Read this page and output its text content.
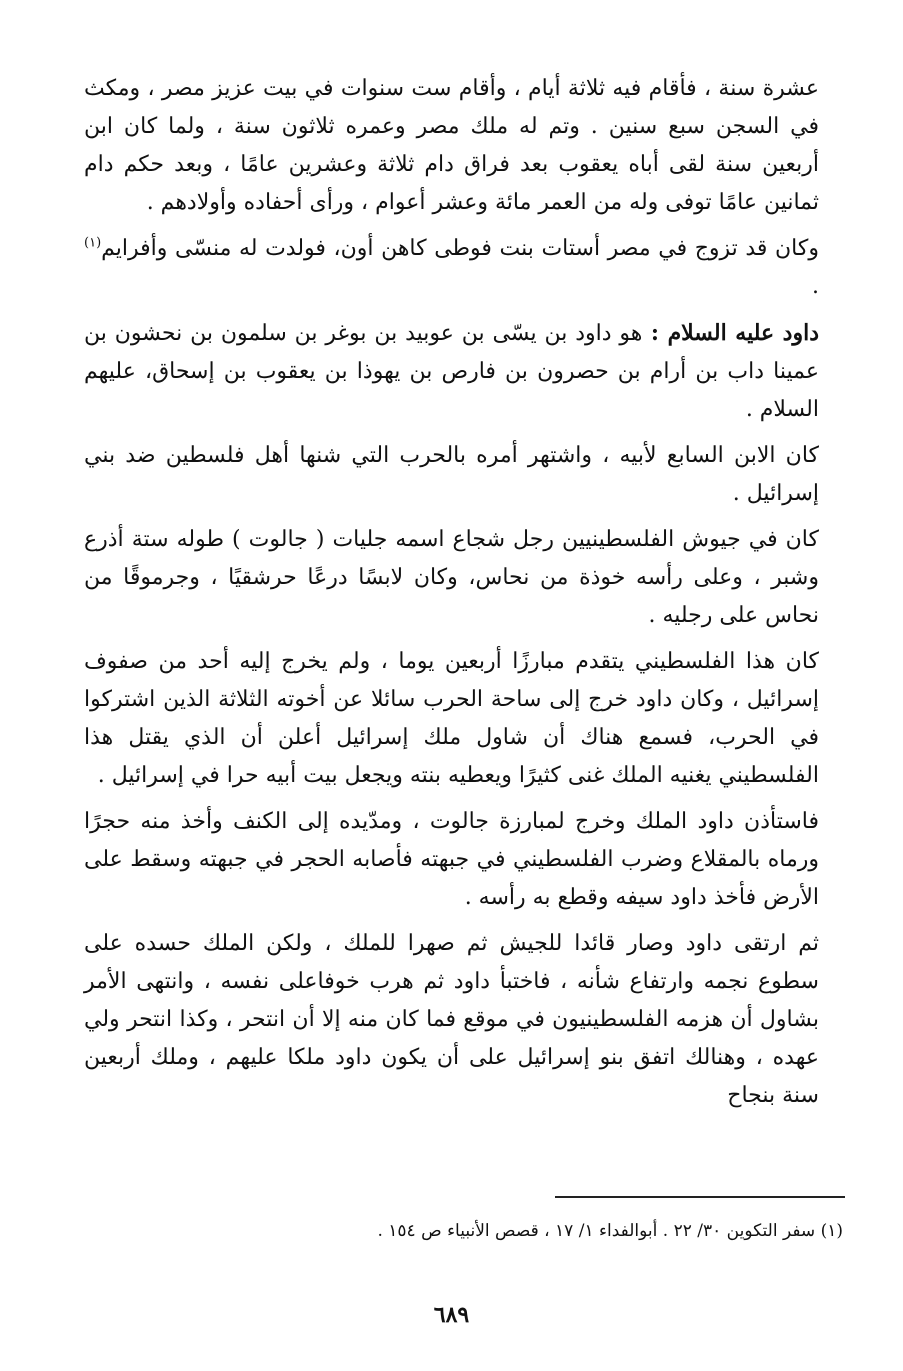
عشرة سنة ، فأقام فيه ثلاثة أيام ، وأقام ست سنوات في بيت عزيز مصر ، ومكث في السجن سبع سنين . وتم له ملك مصر وعمره ثلاثون سنة ، ولما كان ابن أربعين سنة لقى أباه يعقوب بعد فراق دام ثلاثة وعشرين عامًا ، وبعد حكم دام ثمانين عامًا توفى وله من العمر مائة وعشر أعوام ، ورأى أحفاده وأولادهم .

وكان قد تزوج في مصر أستات بنت فوطى كاهن أون، فولدت له منسّى وأفرايم$^{(١)}$ .

داود عليه السلام : هو داود بن يسّى بن عوبيد بن بوغر بن سلمون بن نحشون بن عمينا داب بن أرام بن حصرون بن فارص بن يهوذا بن يعقوب بن إسحاق، عليهم السلام .

كان الابن السابع لأبيه ، واشتهر أمره بالحرب التي شنها أهل فلسطين ضد بني إسرائيل .

كان في جيوش الفلسطينيين رجل شجاع اسمه جليات ( جالوت ) طوله ستة أذرع وشبر ، وعلى رأسه خوذة من نحاس، وكان لابسًا درعًا حرشقيًا ، وجرموقًا من نحاس على رجليه .

كان هذا الفلسطيني يتقدم مبارزًا أربعين يوما ، ولم يخرج إليه أحد من صفوف إسرائيل ، وكان داود خرج إلى ساحة الحرب سائلا عن أخوته الثلاثة الذين اشتركوا في الحرب، فسمع هناك أن شاول ملك إسرائيل أعلن أن الذي يقتل هذا الفلسطيني يغنيه الملك غنى كثيرًا ويعطيه بنته ويجعل بيت أبيه حرا في إسرائيل .

فاستأذن داود الملك وخرج لمبارزة جالوت ، ومدّيده إلى الكنف وأخذ منه حجرًا ورماه بالمقلاع وضرب الفلسطيني في جبهته فأصابه الحجر في جبهته وسقط على الأرض فأخذ داود سيفه وقطع به رأسه .

ثم ارتقى داود وصار قائدا للجيش ثم صهرا للملك ، ولكن الملك حسده على سطوع نجمه وارتفاع شأنه ، فاختبأ داود ثم هرب خوفاعلى نفسه ، وانتهى الأمر بشاول أن هزمه الفلسطينيون في موقع فما كان منه إلا أن انتحر ، وكذا انتحر ولي عهده ، وهنالك اتفق بنو إسرائيل على أن يكون داود ملكا عليهم ، وملك أربعين سنة بنجاح

(١) سفر التكوين ٣٠/ ٢٢ . أبوالفداء ١/ ١٧ ، قصص الأنبياء ص ١٥٤ .
٦٨٩
